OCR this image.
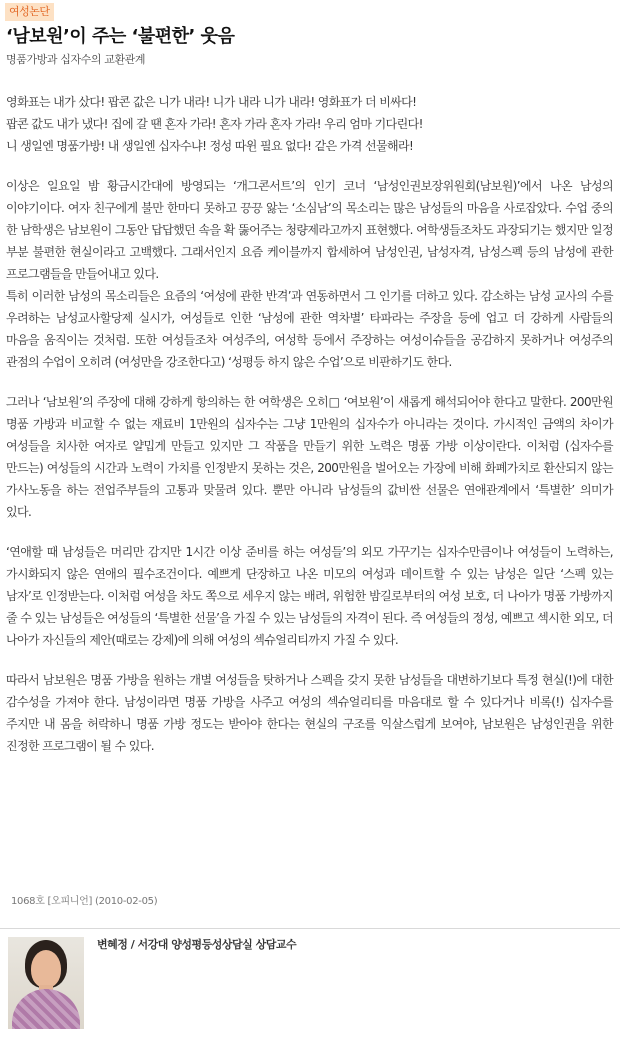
여성논단
‘남보원’이 주는 ‘불편한’ 웃음
명품가방과 십자수의 교환관계

영화표는 내가 샀다! 팝콘 값은 니가 내라! 니가 내라 니가 내라! 영화표가 더 비싸다!

팝콘 값도 내가 냈다! 집에 갈 땐 혼자 가라! 혼자 가라 혼자 가라! 우리 엄마 기다린다!

니 생일엔 명품가방! 내 생일엔 십자수냐! 정성 따윈 필요 없다! 같은 가격 선물해라!

이상은 일요일 밤 황금시간대에 방영되는 ‘개그콘서트’의 인기 코너 ‘남성인권보장위원회(남보원)’에서 나온 남성의 이야기이다. 여자 친구에게 불만 한마디 못하고 끙끙 앓는 ‘소심남’의 목소리는 많은 남성들의 마음을 사로잡았다. 수업 중의 한 남학생은 남보원이 그동안 답답했던 속을 확 뚫어주는 청량제라고까지 표현했다. 여학생들조차도 과장되기는 했지만 일정 부분 불편한 현실이라고 고백했다. 그래서인지 요즘 케이블까지 합세하여 남성인권, 남성자격, 남성스펙 등의 남성에 관한 프로그램들을 만들어내고 있다.

특히 이러한 남성의 목소리들은 요즘의 ‘여성에 관한 반격’과 연동하면서 그 인기를 더하고 있다. 감소하는 남성 교사의 수를 우려하는 남성교사할당제 실시가, 여성들로 인한 ‘남성에 관한 역차별’ 타파라는 주장을 등에 업고 더 강하게 사람들의 마음을 움직이는 것처럼. 또한 여성들조차 여성주의, 여성학 등에서 주장하는 여성이슈들을 공감하지 못하거나 여성주의 관점의 수업이 오히려 (여성만을 강조한다고) ‘성평등 하지 않은 수업’으로 비판하기도 한다.

그러나 ‘남보원’의 주장에 대해 강하게 항의하는 한 여학생은 오히□ ‘여보원’이 새롭게 해석되어야 한다고 말한다. 200만원 명품 가방과 비교할 수 없는 재료비 1만원의 십자수는 그냥 1만원의 십자수가 아니라는 것이다. 가시적인 금액의 차이가 여성들을 치사한 여자로 얄밉게 만들고 있지만 그 작품을 만들기 위한 노력은 명품 가방 이상이란다. 이처럼 (십자수를 만드는) 여성들의 시간과 노력이 가치를 인정받지 못하는 것은, 200만원을 벌어오는 가장에 비해 화폐가치로 환산되지 않는 가사노동을 하는 전업주부들의 고통과 맞물려 있다. 뿐만 아니라 남성들의 값비싼 선물은 연애관계에서 ‘특별한’ 의미가 있다.

‘연애할 때 남성들은 머리만 감지만 1시간 이상 준비를 하는 여성들’의 외모 가꾸기는 십자수만큼이나 여성들이 노력하는, 가시화되지 않은 연애의 필수조건이다. 예쁘게 단장하고 나온 미모의 여성과 데이트할 수 있는 남성은 일단 ‘스펙 있는 남자’로 인정받는다. 이처럼 여성을 차도 쪽으로 세우지 않는 배려, 위험한 밤길로부터의 여성 보호, 더 나아가 명품 가방까지 줄 수 있는 남성들은 여성들의 ‘특별한 선물’을 가질 수 있는 남성들의 자격이 된다. 즉 여성들의 정성, 예쁘고 섹시한 외모, 더 나아가 자신들의 제안(때로는 강제)에 의해 여성의 섹슈얼리티까지 가질 수 있다.

따라서 남보원은 명품 가방을 원하는 개별 여성들을 탓하거나 스펙을 갖지 못한 남성들을 대변하기보다 특정 현실(!)에 대한 감수성을 가져야 한다. 남성이라면 명품 가방을 사주고 여성의 섹슈얼리티를 마음대로 할 수 있다거나 비록(!) 십자수를 주지만 내 몸을 허락하니 명품 가방 정도는 받아야 한다는 현실의 구조를 익살스럽게 보여야, 남보원은 남성인권을 위한 진정한 프로그램이 될 수 있다.

1068호 [오피니언] (2010-02-05)
변혜정 / 서강대 양성평등성상담실 상담교수
